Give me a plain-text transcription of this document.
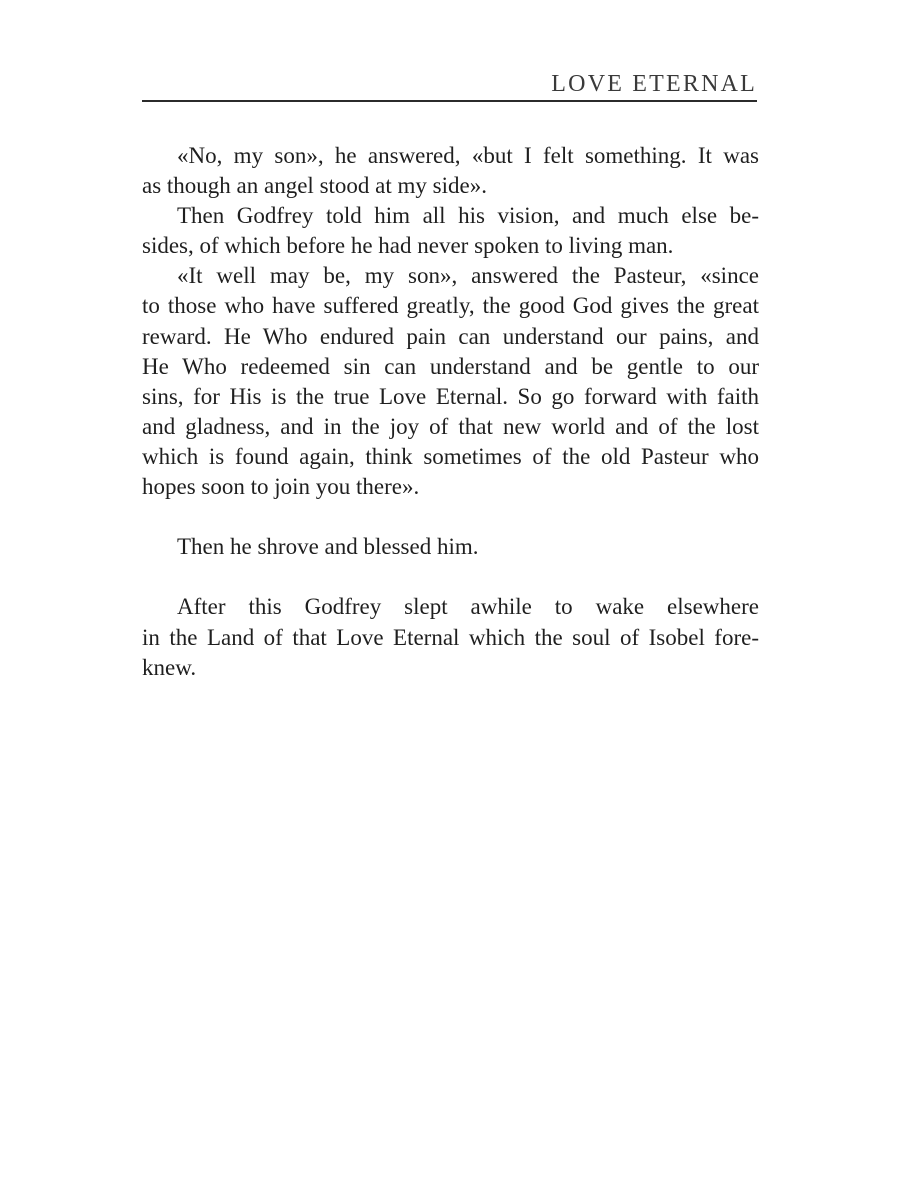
LOVE ETERNAL
«No, my son», he answered, «but I felt something. It was
as though an angel stood at my side».
Then Godfrey told him all his vision, and much else be-
sides, of which before he had never spoken to living man.
«It well may be, my son», answered the Pasteur, «since
to those who have suffered greatly, the good God gives the great
reward. He Who endured pain can understand our pains, and
He Who redeemed sin can understand and be gentle to our
sins, for His is the true Love Eternal. So go forward with faith
and gladness, and in the joy of that new world and of the lost
which is found again, think sometimes of the old Pasteur who
hopes soon to join you there».
Then he shrove and blessed him.
After this Godfrey slept awhile to wake elsewhere
in the Land of that Love Eternal which the soul of Isobel fore-
knew.
